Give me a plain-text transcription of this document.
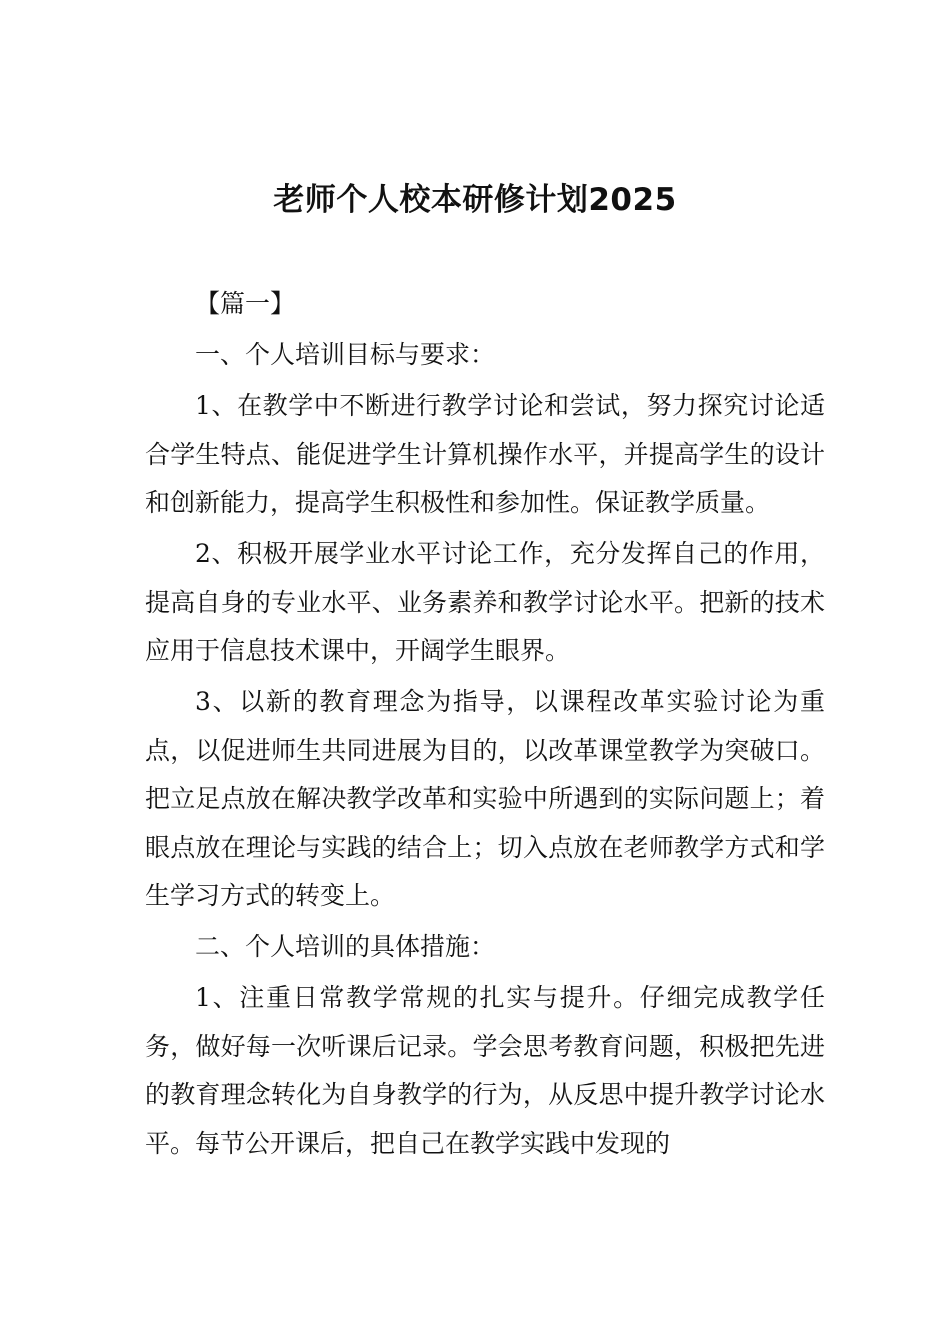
老师个人校本研修计划2025

【篇一】

一、个人培训目标与要求：

1、在教学中不断进行教学讨论和尝试，努力探究讨论适合学生特点、能促进学生计算机操作水平，并提高学生的设计和创新能力，提高学生积极性和参加性。保证教学质量。

2、积极开展学业水平讨论工作，充分发挥自己的作用，提高自身的专业水平、业务素养和教学讨论水平。把新的技术应用于信息技术课中，开阔学生眼界。

3、以新的教育理念为指导，以课程改革实验讨论为重点，以促进师生共同进展为目的，以改革课堂教学为突破口。把立足点放在解决教学改革和实验中所遇到的实际问题上；着眼点放在理论与实践的结合上；切入点放在老师教学方式和学生学习方式的转变上。

二、个人培训的具体措施：

1、注重日常教学常规的扎实与提升。仔细完成教学任务，做好每一次听课后记录。学会思考教育问题，积极把先进的教育理念转化为自身教学的行为，从反思中提升教学讨论水平。每节公开课后，把自己在教学实践中发现的
